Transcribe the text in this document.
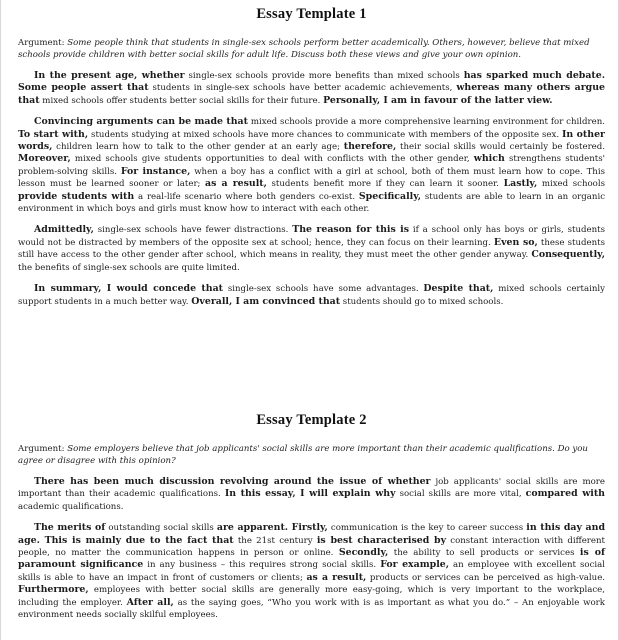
Essay Template 1
Argument: Some people think that students in single-sex schools perform better academically. Others, however, believe that mixed schools provide children with better social skills for adult life. Discuss both these views and give your own opinion.

In the present age, whether single-sex schools provide more benefits than mixed schools has sparked much debate. Some people assert that students in single-sex schools have better academic achievements, whereas many others argue that mixed schools offer students better social skills for their future. Personally, I am in favour of the latter view.

Convincing arguments can be made that mixed schools provide a more comprehensive learning environment for children. To start with, students studying at mixed schools have more chances to communicate with members of the opposite sex. In other words, children learn how to talk to the other gender at an early age; therefore, their social skills would certainly be fostered. Moreover, mixed schools give students opportunities to deal with conflicts with the other gender, which strengthens students' problem-solving skills. For instance, when a boy has a conflict with a girl at school, both of them must learn how to cope. This lesson must be learned sooner or later; as a result, students benefit more if they can learn it sooner. Lastly, mixed schools provide students with a real-life scenario where both genders co-exist. Specifically, students are able to learn in an organic environment in which boys and girls must know how to interact with each other.

Admittedly, single-sex schools have fewer distractions. The reason for this is if a school only has boys or girls, students would not be distracted by members of the opposite sex at school; hence, they can focus on their learning. Even so, these students still have access to the other gender after school, which means in reality, they must meet the other gender anyway. Consequently, the benefits of single-sex schools are quite limited.

In summary, I would concede that single-sex schools have some advantages. Despite that, mixed schools certainly support students in a much better way. Overall, I am convinced that students should go to mixed schools.

Essay Template 2
Argument: Some employers believe that job applicants' social skills are more important than their academic qualifications. Do you agree or disagree with this opinion?

There has been much discussion revolving around the issue of whether job applicants' social skills are more important than their academic qualifications. In this essay, I will explain why social skills are more vital, compared with academic qualifications.

The merits of outstanding social skills are apparent. Firstly, communication is the key to career success in this day and age. This is mainly due to the fact that the 21st century is best characterised by constant interaction with different people, no matter the communication happens in person or online. Secondly, the ability to sell products or services is of paramount significance in any business – this requires strong social skills. For example, an employee with excellent social skills is able to have an impact in front of customers or clients; as a result, products or services can be perceived as high-value. Furthermore, employees with better social skills are generally more easy-going, which is very important to the workplace, including the employer. After all, as the saying goes, “Who you work with is as important as what you do.” – An enjoyable work environment needs socially skilful employees.
